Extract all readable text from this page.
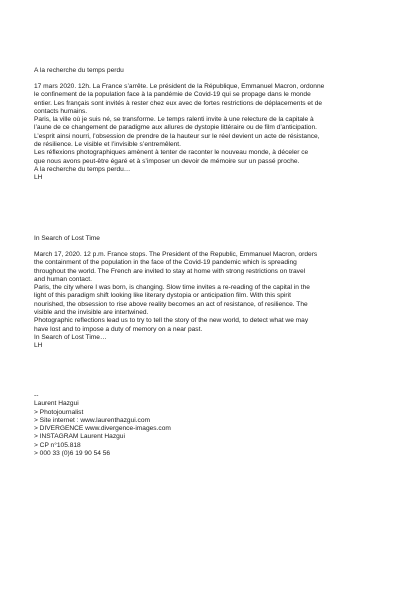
A la recherche du temps perdu

17 mars 2020. 12h. La France s’arrête. Le président de la République, Emmanuel Macron, ordonne
le confinement de la population face à la pandémie de Covid-19 qui se propage dans le monde
entier. Les français sont invités à rester chez eux avec de fortes restrictions de déplacements et de
contacts humains.
Paris, la ville où je suis né, se transforme. Le temps ralenti invite à une relecture de la capitale à
l’aune de ce changement de paradigme aux allures de dystopie littéraire ou de film d’anticipation.
L’esprit ainsi nourri, l’obsession de prendre de la hauteur sur le réel devient un acte de résistance,
de résilience. Le visible et l’invisible s’entremêlent.
Les réflexions photographiques amènent à tenter de raconter le nouveau monde, à déceler ce
que nous avons peut-être égaré et à s’imposer un devoir de mémoire sur un passé proche.
A la recherche du temps perdu…
LH

In Search of Lost Time

March 17, 2020. 12 p.m. France stops. The President of the Republic, Emmanuel Macron, orders
the containment of the population in the face of the Covid-19 pandemic which is spreading
throughout the world. The French are invited to stay at home with strong restrictions on travel
and human contact.
Paris, the city where I was born, is changing. Slow time invites a re-reading of the capital in the
light of this paradigm shift looking like literary dystopia or anticipation film. With this spirit
nourished, the obsession to rise above reality becomes an act of resistance, of resilience. The
visible and the invisible are intertwined.
Photographic reflections lead us to try to tell the story of the new world, to detect what we may
have lost and to impose a duty of memory on a near past.
In Search of Lost Time…
LH
--
Laurent Hazgui
> Photojournalist
> Site internet : www.laurenthazgui.com
> DIVERGENCE www.divergence-images.com
> INSTAGRAM Laurent Hazgui
> CP n°105.818
> 000 33 (0)6 19 90 54 56
